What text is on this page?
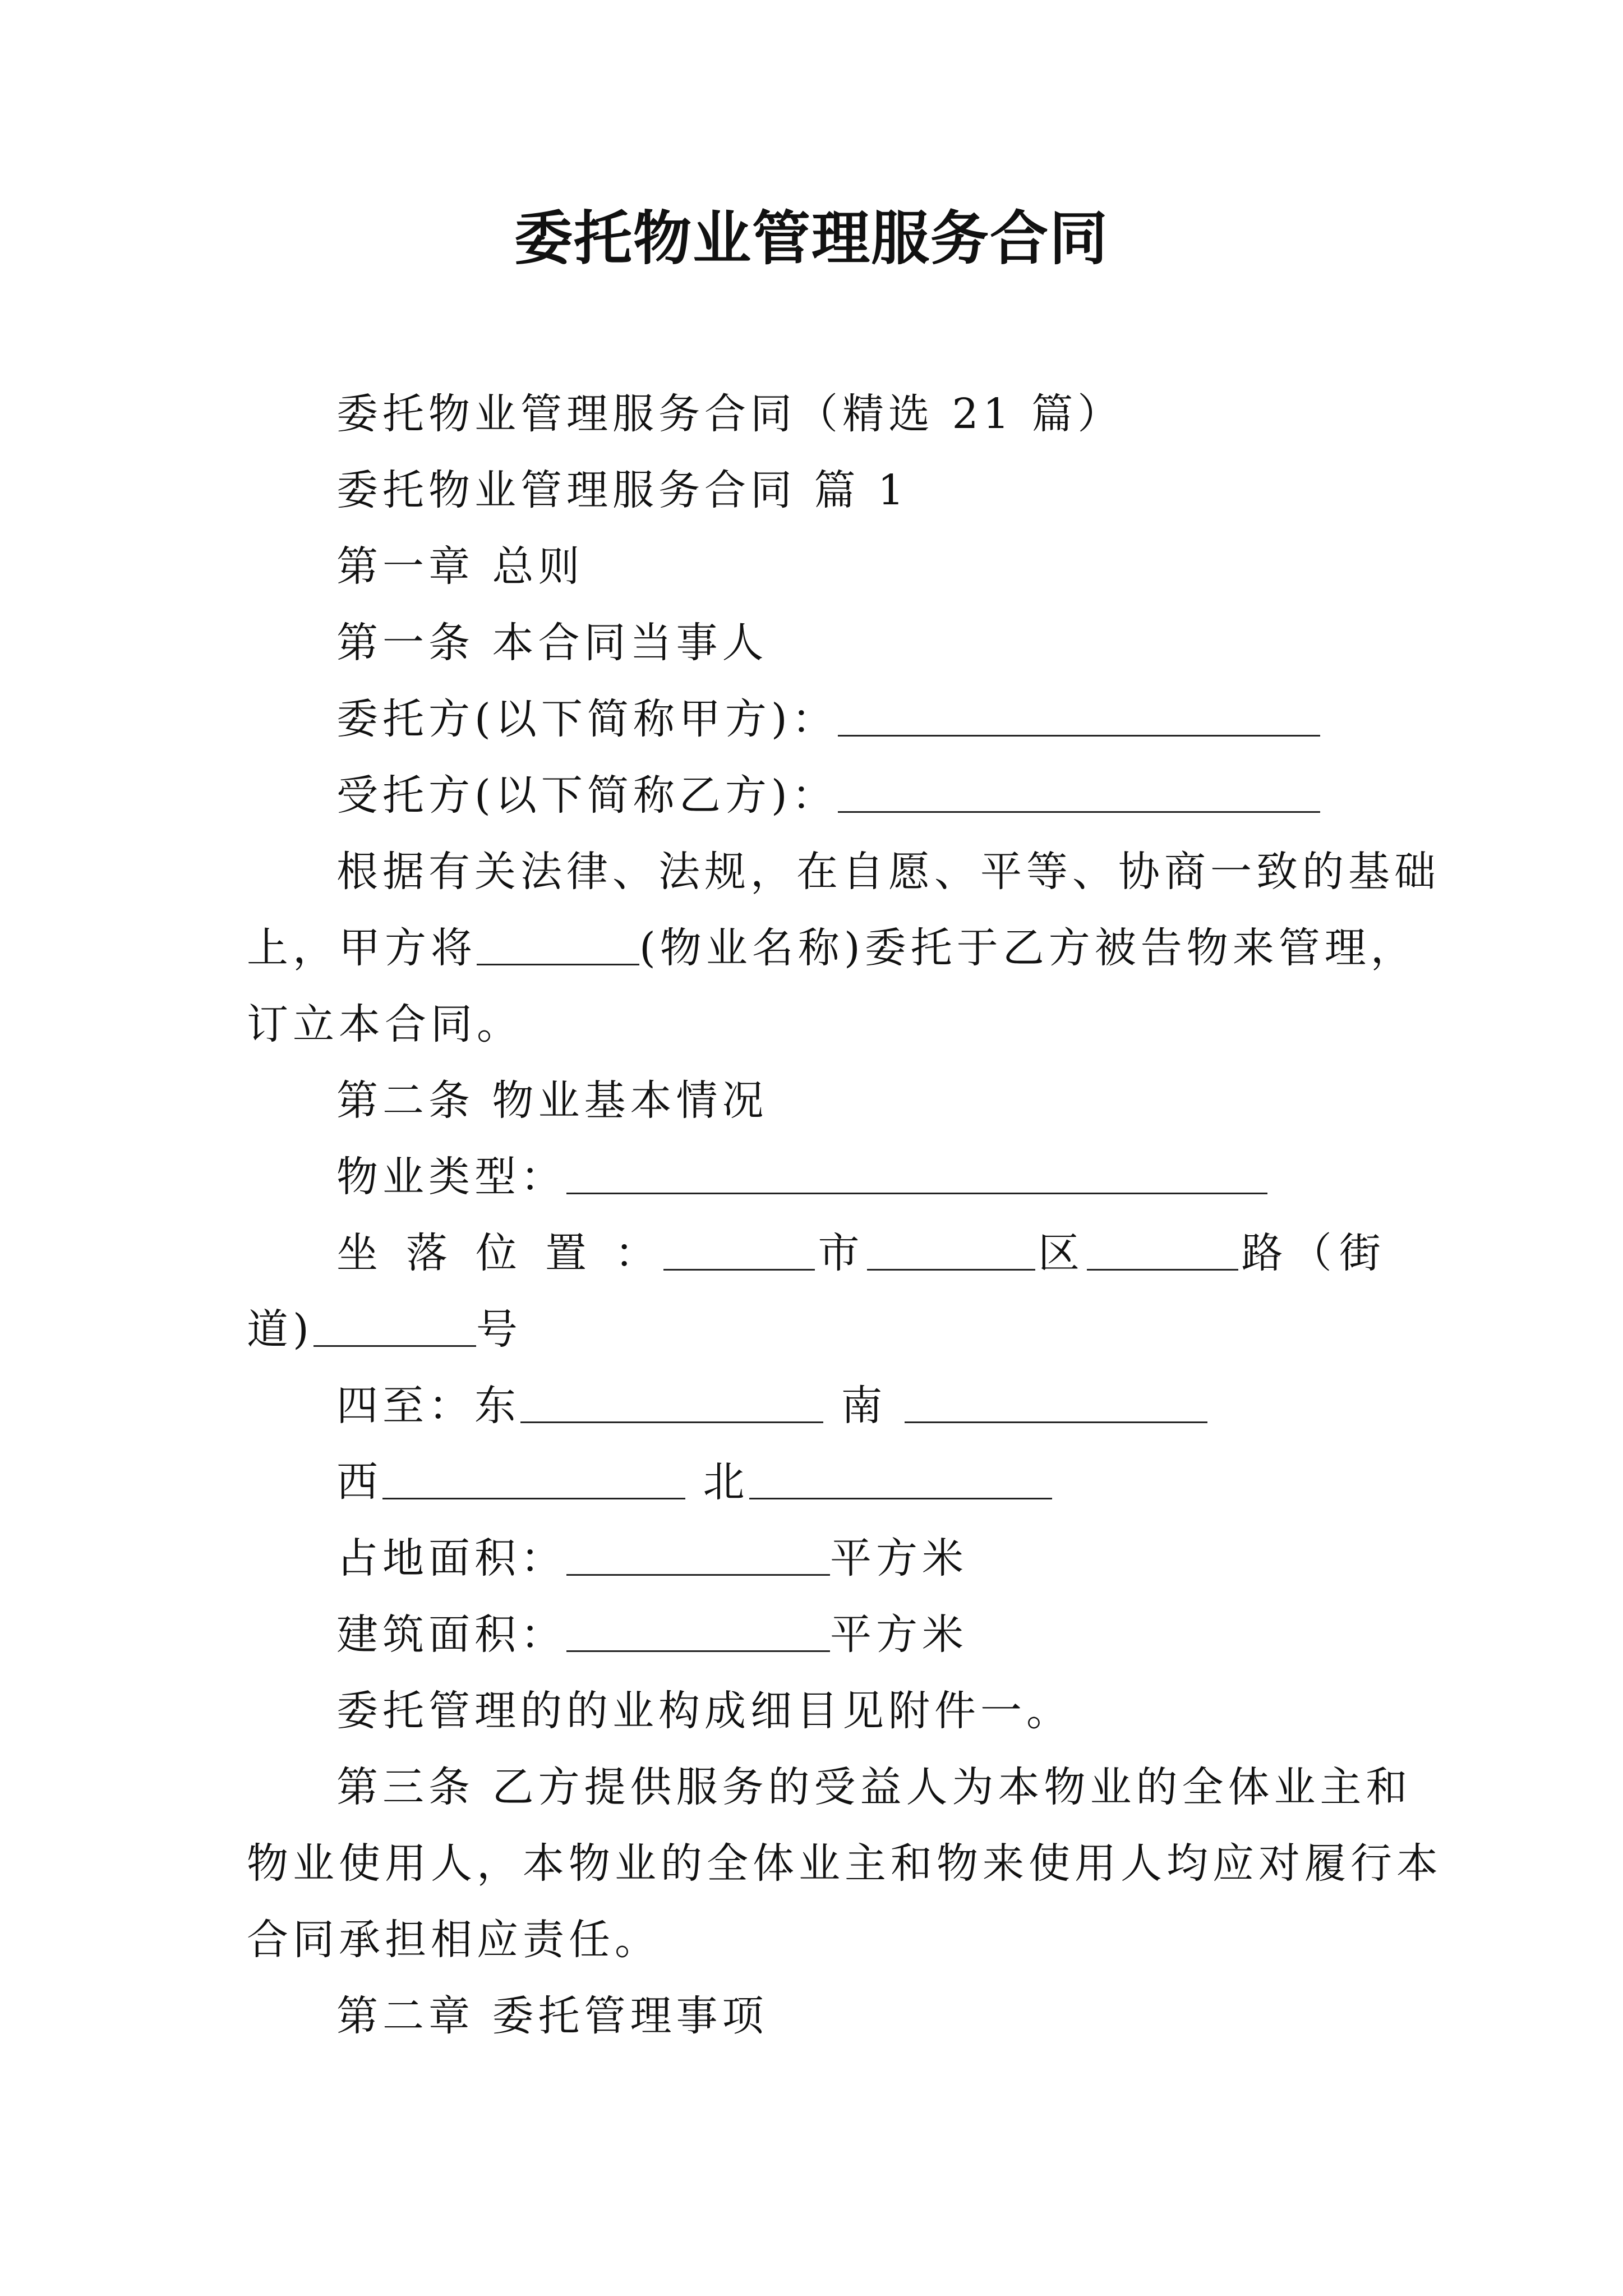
委托物业管理服务合同
委托物业管理服务合同（精选 21 篇）
委托物业管理服务合同 篇 1
第一章 总则
第一条 本合同当事人
委托方(以下简称甲方)：
受托方(以下简称乙方)：
根据有关法律、法规，在自愿、平等、协商一致的基础
上，甲方将	(物业名称)委托于乙方被告物来管理，
订立本合同。
第二条 物业基本情况
物业类型：
坐 落 位 置 ：	市	区	路（街
道)	号
四至：东	南
西	北
占地面积：	平方米
建筑面积：	平方米
委托管理的的业构成细目见附件一。
第三条 乙方提供服务的受益人为本物业的全体业主和
物业使用人，本物业的全体业主和物来使用人均应对履行本
合同承担相应责任。
第二章 委托管理事项
